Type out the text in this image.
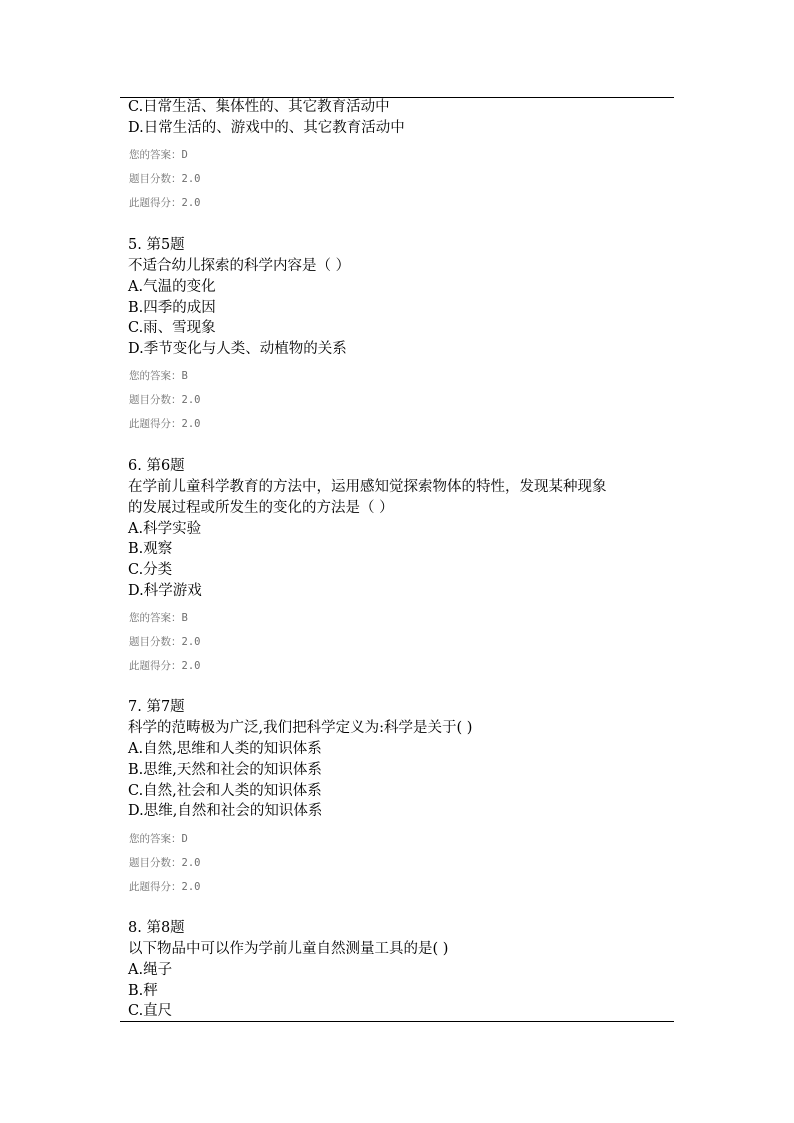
C.日常生活、集体性的、其它教育活动中
D.日常生活的、游戏中的、其它教育活动中
您的答案：D
题目分数：2.0
此题得分：2.0
5. 第5题
不适合幼儿探索的科学内容是（ ）
A.气温的变化
B.四季的成因
C.雨、雪现象
D.季节变化与人类、动植物的关系
您的答案：B
题目分数：2.0
此题得分：2.0
6. 第6题
在学前儿童科学教育的方法中，运用感知觉探索物体的特性，发现某种现象
的发展过程或所发生的变化的方法是（ ）
A.科学实验
B.观察
C.分类
D.科学游戏
您的答案：B
题目分数：2.0
此题得分：2.0
7. 第7题
科学的范畴极为广泛,我们把科学定义为:科学是关于( )
A.自然,思维和人类的知识体系
B.思维,天然和社会的知识体系
C.自然,社会和人类的知识体系
D.思维,自然和社会的知识体系
您的答案：D
题目分数：2.0
此题得分：2.0
8. 第8题
以下物品中可以作为学前儿童自然测量工具的是( )
A.绳子
B.秤
C.直尺
